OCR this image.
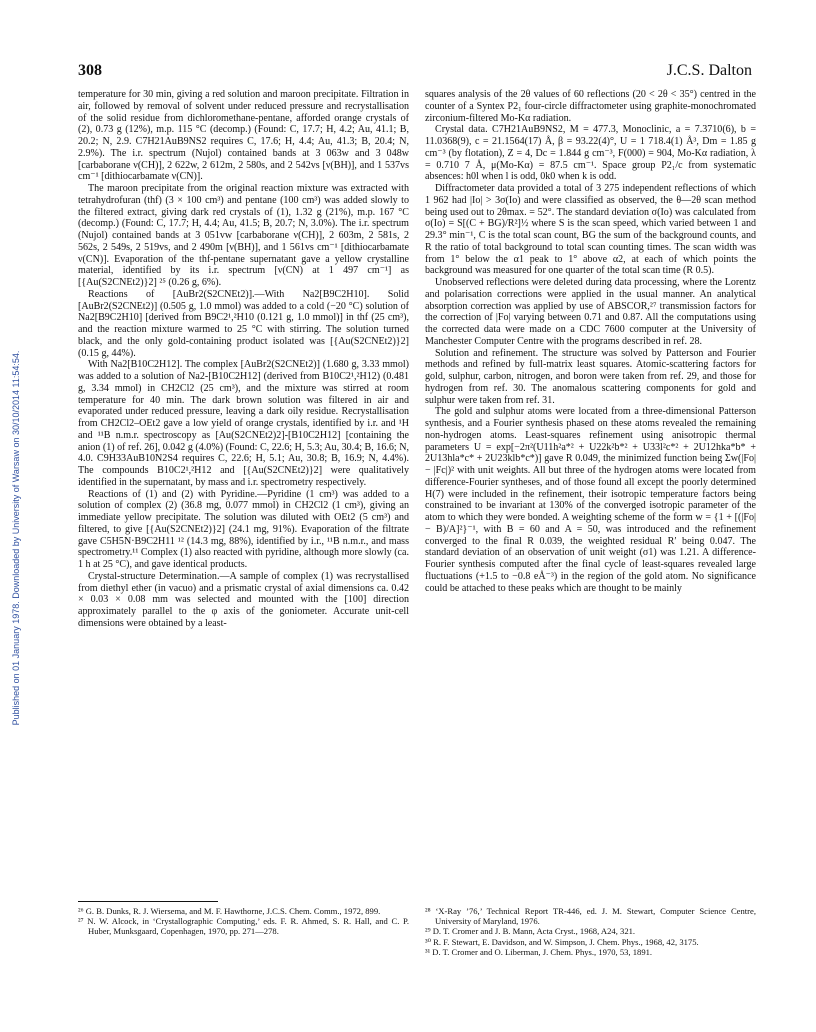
308	J.C.S. Dalton
Published on 01 January 1978. Downloaded by University of Warsaw on 30/10/2014 11:54:54.

temperature for 30 min, giving a red solution and maroon precipitate. Filtration in air, followed by removal of solvent under reduced pressure and recrystallisation of the solid residue from dichloromethane-pentane, afforded orange crystals of (2), 0.73 g (12%), m.p. 115 °C (decomp.) (Found: C, 17.7; H, 4.2; Au, 41.1; B, 20.2; N, 2.9. C7H21AuB9NS2 requires C, 17.6; H, 4.4; Au, 41.3; B, 20.4; N, 2.9%). The i.r. spectrum (Nujol) contained bands at 3 063w and 3 048w [carbaborane ν(CH)], 2 622w, 2 612m, 2 580s, and 2 542vs [ν(BH)], and 1 537vs cm⁻¹ [dithiocarbamate ν(CN)].

The maroon precipitate from the original reaction mixture was extracted with tetrahydrofuran (thf) (3 × 100 cm³) and pentane (100 cm³) was added slowly to the filtered extract, giving dark red crystals of (1), 1.32 g (21%), m.p. 167 °C (decomp.) (Found: C, 17.7; H, 4.4; Au, 41.5; B, 20.7; N, 3.0%). The i.r. spectrum (Nujol) contained bands at 3 051vw [carbaborane ν(CH)], 2 603m, 2 581s, 2 562s, 2 549s, 2 519vs, and 2 490m [ν(BH)], and 1 561vs cm⁻¹ [dithiocarbamate ν(CN)]. Evaporation of the thf-pentane supernatant gave a yellow crystalline material, identified by its i.r. spectrum [ν(CN) at 1 497 cm⁻¹] as [{Au(S2CNEt2)}2] ²⁵ (0.26 g, 6%).

Reactions of [AuBr2(S2CNEt2)].—With Na2[B9C2H10]. Solid [AuBr2(S2CNEt2)] (0.505 g, 1.0 mmol) was added to a cold (−20 °C) solution of Na2[B9C2H10] [derived from B9C2¹,²H10 (0.121 g, 1.0 mmol)] in thf (25 cm³), and the reaction mixture warmed to 25 °C with stirring. The solution turned black, and the only gold-containing product isolated was [{Au(S2CNEt2)}2] (0.15 g, 44%).

With Na2[B10C2H12]. The complex [AuBr2(S2CNEt2)] (1.680 g, 3.33 mmol) was added to a solution of Na2-[B10C2H12] (derived from B10C2¹,²H12) (0.481 g, 3.34 mmol) in CH2Cl2 (25 cm³), and the mixture was stirred at room temperature for 40 min. The dark brown solution was filtered in air and evaporated under reduced pressure, leaving a dark oily residue. Recrystallisation from CH2Cl2–OEt2 gave a low yield of orange crystals, identified by i.r. and ¹H and ¹¹B n.m.r. spectroscopy as [Au(S2CNEt2)2]-[B10C2H12] [containing the anion (1) of ref. 26], 0.042 g (4.0%) (Found: C, 22.6; H, 5.3; Au, 30.4; B, 16.6; N, 4.0. C9H33AuB10N2S4 requires C, 22.6; H, 5.1; Au, 30.8; B, 16.9; N, 4.4%). The compounds B10C2¹,²H12 and [{Au(S2CNEt2)}2] were qualitatively identified in the supernatant, by mass and i.r. spectrometry respectively.

Reactions of (1) and (2) with Pyridine.—Pyridine (1 cm³) was added to a solution of complex (2) (36.8 mg, 0.077 mmol) in CH2Cl2 (1 cm³), giving an immediate yellow precipitate. The solution was diluted with OEt2 (5 cm³) and filtered, to give [{Au(S2CNEt2)}2] (24.1 mg, 91%). Evaporation of the filtrate gave C5H5N·B9C2H11 ¹² (14.3 mg, 88%), identified by i.r., ¹¹B n.m.r., and mass spectrometry.¹¹ Complex (1) also reacted with pyridine, although more slowly (ca. 1 h at 25 °C), and gave identical products.

Crystal-structure Determination.—A sample of complex (1) was recrystallised from diethyl ether (in vacuo) and a prismatic crystal of axial dimensions ca. 0.42 × 0.03 × 0.08 mm was selected and mounted with the [100] direction approximately parallel to the φ axis of the goniometer. Accurate unit-cell dimensions were obtained by a least-

squares analysis of the 2θ values of 60 reflections (20 < 2θ < 35°) centred in the counter of a Syntex P2₁ four-circle diffractometer using graphite-monochromated zirconium-filtered Mo-Kα radiation.

Crystal data. C7H21AuB9NS2, M = 477.3, Monoclinic, a = 7.3710(6), b = 11.0368(9), c = 21.1564(17) Å, β = 93.22(4)°, U = 1 718.4(1) Å³, Dm = 1.85 g cm⁻³ (by flotation), Z = 4, Dc = 1.844 g cm⁻³, F(000) = 904, Mo-Kα radiation, λ = 0.710 7 Å, μ(Mo-Kα) = 87.5 cm⁻¹. Space group P2₁/c from systematic absences: h0l when l is odd, 0k0 when k is odd.

Diffractometer data provided a total of 3 275 independent reflections of which 1 962 had |Io| > 3σ(Io) and were classified as observed, the θ—2θ scan method being used out to 2θmax. = 52°. The standard deviation σ(Io) was calculated from σ(Io) = S[(C + BG)/R²]½ where S is the scan speed, which varied between 1 and 29.3° min⁻¹, C is the total scan count, BG the sum of the background counts, and R the ratio of total background to total scan counting times. The scan width was from 1° below the α1 peak to 1° above α2, at each of which points the background was measured for one quarter of the total scan time (R 0.5).

Unobserved reflections were deleted during data processing, where the Lorentz and polarisation corrections were applied in the usual manner. An analytical absorption correction was applied by use of ABSCOR,²⁷ transmission factors for the correction of |Fo| varying between 0.71 and 0.87. All the computations using the corrected data were made on a CDC 7600 computer at the University of Manchester Computer Centre with the programs described in ref. 28.

Solution and refinement. The structure was solved by Patterson and Fourier methods and refined by full-matrix least squares. Atomic-scattering factors for gold, sulphur, carbon, nitrogen, and boron were taken from ref. 29, and those for hydrogen from ref. 30. The anomalous scattering components for gold and sulphur were taken from ref. 31.

The gold and sulphur atoms were located from a three-dimensional Patterson synthesis, and a Fourier synthesis phased on these atoms revealed the remaining non-hydrogen atoms. Least-squares refinement using anisotropic thermal parameters U = exp[−2π²(U11h²a*² + U22k²b*² + U33l²c*² + 2U12hka*b* + 2U13hla*c* + 2U23klb*c*)] gave R 0.049, the minimized function being Σw(|Fo| − |Fc|)² with unit weights. All but three of the hydrogen atoms were located from difference-Fourier syntheses, and of those found all except the poorly determined H(7) were included in the refinement, their isotropic temperature factors being constrained to be invariant at 130% of the converged isotropic parameter of the atom to which they were bonded. A weighting scheme of the form w = {1 + [(|Fo| − B)/A]²}⁻¹, with B = 60 and A = 50, was introduced and the refinement converged to the final R 0.039, the weighted residual R′ being 0.047. The standard deviation of an observation of unit weight (σ1) was 1.21. A difference-Fourier synthesis computed after the final cycle of least-squares revealed large fluctuations (+1.5 to −0.8 eÅ⁻³) in the region of the gold atom. No significance could be attached to these peaks which are thought to be mainly

²⁶ G. B. Dunks, R. J. Wiersema, and M. F. Hawthorne, J.C.S. Chem. Comm., 1972, 899.

²⁷ N. W. Alcock, in ‘Crystallographic Computing,’ eds. F. R. Ahmed, S. R. Hall, and C. P. Huber, Munksgaard, Copenhagen, 1970, pp. 271—278.

²⁸ ‘X-Ray ’76,’ Technical Report TR-446, ed. J. M. Stewart, Computer Science Centre, University of Maryland, 1976.

²⁹ D. T. Cromer and J. B. Mann, Acta Cryst., 1968, A24, 321.

³⁰ R. F. Stewart, E. Davidson, and W. Simpson, J. Chem. Phys., 1968, 42, 3175.

³¹ D. T. Cromer and O. Liberman, J. Chem. Phys., 1970, 53, 1891.
